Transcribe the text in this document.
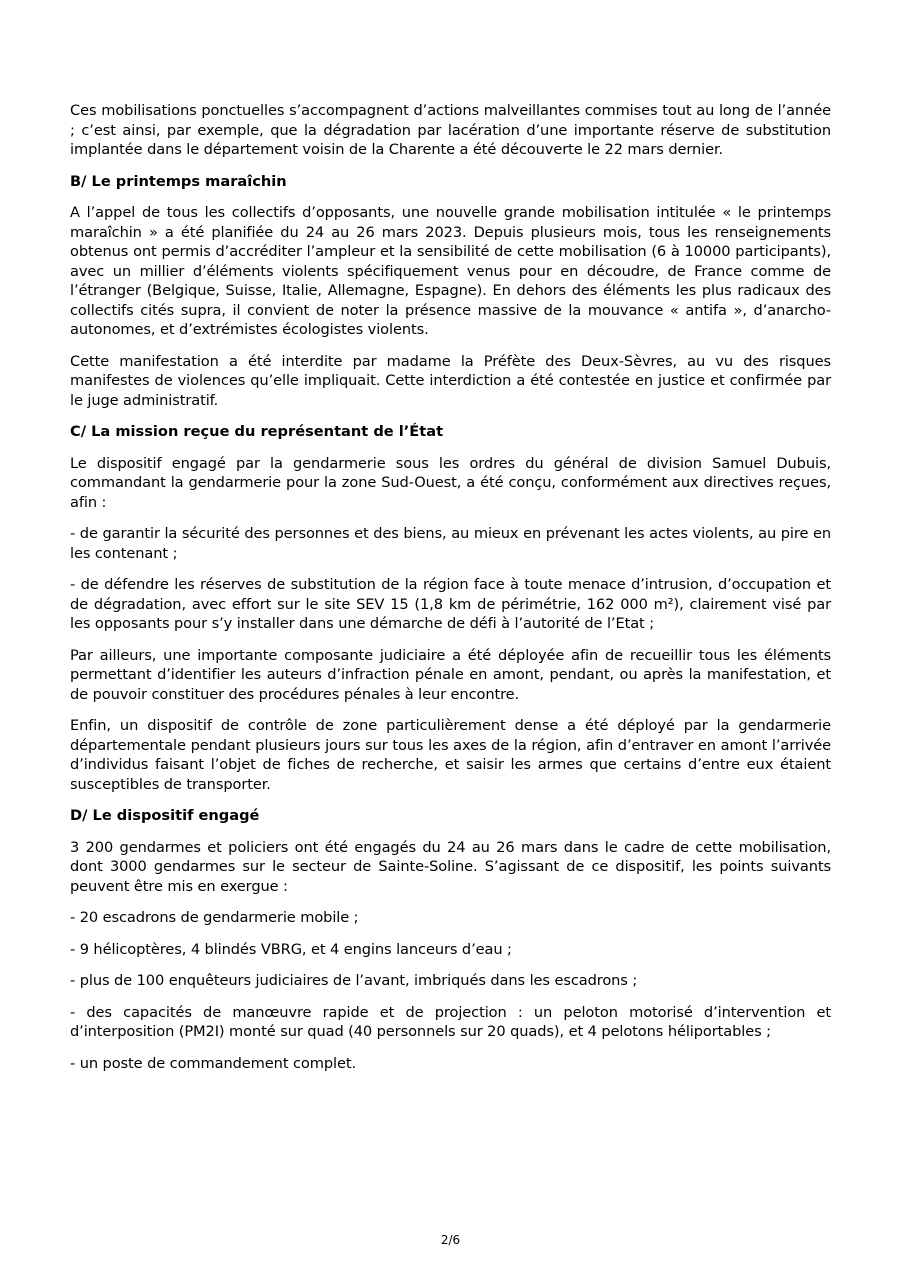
Ces mobilisations ponctuelles s’accompagnent d’actions malveillantes commises tout au long de l’année ; c’est ainsi, par exemple, que la dégradation par lacération d’une importante réserve de substitution implantée dans le département voisin de la Charente a été découverte le 22 mars dernier.

B/ Le printemps maraîchin

A l’appel de tous les collectifs d’opposants, une nouvelle grande mobilisation intitulée « le printemps maraîchin » a été planifiée du 24 au 26 mars 2023. Depuis plusieurs mois, tous les renseignements obtenus ont permis d’accréditer l’ampleur et la sensibilité de cette mobilisation (6 à 10000 participants), avec un millier d’éléments violents spécifiquement venus pour en découdre, de France comme de l’étranger (Belgique, Suisse, Italie, Allemagne, Espagne). En dehors des éléments les plus radicaux des collectifs cités supra, il convient de noter la présence massive de la mouvance « antifa », d’anarcho-autonomes, et d’extrémistes écologistes violents.

Cette manifestation a été interdite par madame la Préfète des Deux-Sèvres, au vu des risques manifestes de violences qu’elle impliquait. Cette interdiction a été contestée en justice et confirmée par le juge administratif.

C/ La mission reçue du représentant de l’État

Le dispositif engagé par la gendarmerie sous les ordres du général de division Samuel Dubuis, commandant la gendarmerie pour la zone Sud-Ouest, a été conçu, conformément aux directives reçues, afin :

- de garantir la sécurité des personnes et des biens, au mieux en prévenant les actes violents, au pire en les contenant ;

- de défendre les réserves de substitution de la région face à toute menace d’intrusion, d’occupation et de dégradation, avec effort sur le site SEV 15 (1,8 km de périmétrie, 162 000 m²), clairement visé par les opposants pour s’y installer dans une démarche de défi à l’autorité de l’Etat ;

Par ailleurs, une importante composante judiciaire a été déployée afin de recueillir tous les éléments permettant d’identifier les auteurs d’infraction pénale en amont, pendant, ou après la manifestation, et de pouvoir constituer des procédures pénales à leur encontre.

Enfin, un dispositif de contrôle de zone particulièrement dense a été déployé par la gendarmerie départementale pendant plusieurs jours sur tous les axes de la région, afin d’entraver en amont l’arrivée d’individus faisant l’objet de fiches de recherche, et saisir les armes que certains d’entre eux étaient susceptibles de transporter.

D/ Le dispositif engagé

3 200 gendarmes et policiers ont été engagés du 24 au 26 mars dans le cadre de cette mobilisation, dont 3000 gendarmes sur le secteur de Sainte-Soline. S’agissant de ce dispositif, les points suivants peuvent être mis en exergue :

- 20 escadrons de gendarmerie mobile ;

- 9 hélicoptères, 4 blindés VBRG, et 4 engins lanceurs d’eau ;

- plus de 100 enquêteurs judiciaires de l’avant, imbriqués dans les escadrons ;

- des capacités de manœuvre rapide et de projection : un peloton motorisé d’intervention et d’interposition (PM2I) monté sur quad (40 personnels sur 20 quads), et 4 pelotons héliportables ;

- un poste de commandement complet.

2/6
